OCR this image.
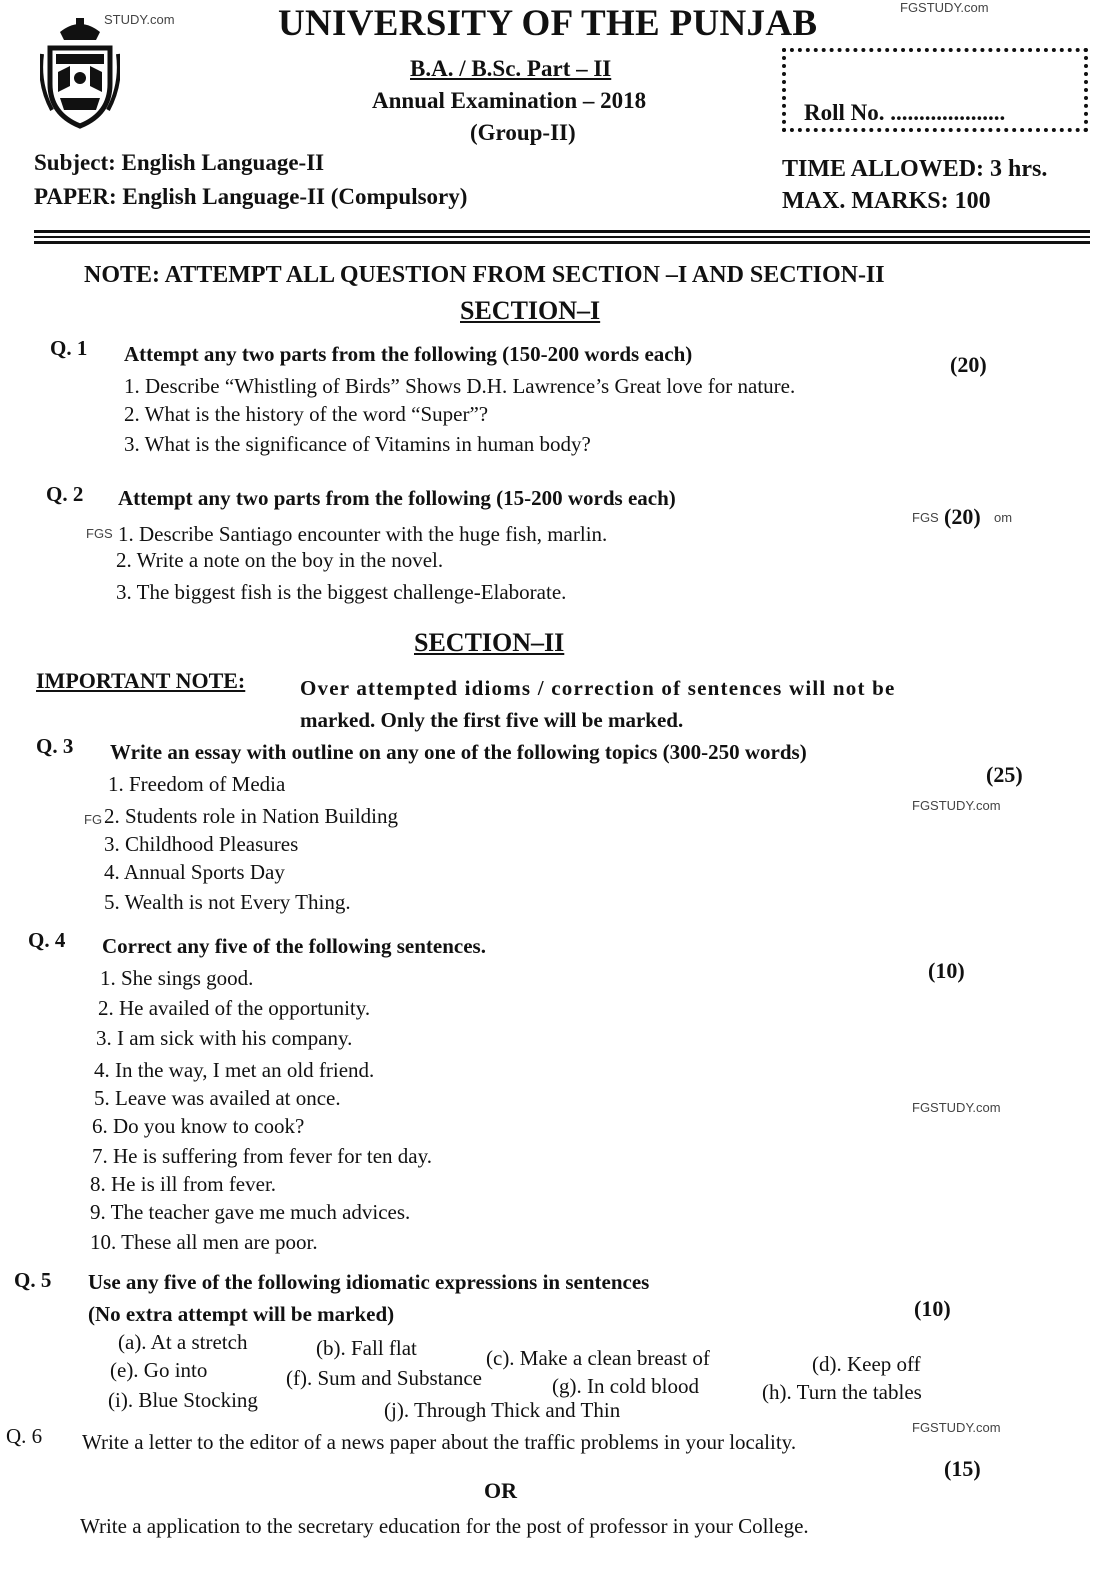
STUDY.com
FGSTUDY.com
UNIVERSITY OF THE PUNJAB
B.A. / B.Sc. Part – II
Annual Examination – 2018
(Group-II)
Roll No. ....................
Subject: English Language-II
PAPER: English Language-II (Compulsory)
TIME ALLOWED: 3 hrs.
MAX. MARKS: 100
NOTE: ATTEMPT ALL QUESTION FROM SECTION –I AND SECTION-II
SECTION–I
Q. 1 Attempt any two parts from the following (150-200 words each)	(20)
1. Describe “Whistling of Birds” Shows D.H. Lawrence’s Great love for nature.
2. What is the history of the word “Super”?
3. What is the significance of Vitamins in human body?
Q. 2 Attempt any two parts from the following (15-200 words each)
FGS (20) om
FGS 1. Describe Santiago encounter with the huge fish, marlin.
2. Write a note on the boy in the novel.
3. The biggest fish is the biggest challenge-Elaborate.
SECTION–II
IMPORTANT NOTE:	Over attempted idioms / correction of sentences will not be
marked. Only the first five will be marked.
Q. 3 Write an essay with outline on any one of the following topics (300-250 words)
(25)
FGSTUDY.com
1. Freedom of Media
FG 2. Students role in Nation Building
3. Childhood Pleasures
4. Annual Sports Day
5. Wealth is not Every Thing.
Q. 4 Correct any five of the following sentences.
(10)
1. She sings good.
2. He availed of the opportunity.
3. I am sick with his company.
4. In the way, I met an old friend.
5. Leave was availed at once.	FGSTUDY.com
6. Do you know to cook?
7. He is suffering from fever for ten day.
8. He is ill from fever.
9. The teacher gave me much advices.
10. These all men are poor.
Q. 5 Use any five of the following idiomatic expressions in sentences
(No extra attempt will be marked)	(10)
(a). At a stretch	(b). Fall flat	(c). Make a clean breast of	(d). Keep off
(e). Go into	(f). Sum and Substance	(g). In cold blood	(h). Turn the tables
(i). Blue Stocking	(j). Through Thick and Thin
FGSTUDY.com
Q. 6 Write a letter to the editor of a news paper about the traffic problems in your locality.
(15)
OR
Write a application to the secretary education for the post of professor in your College.
